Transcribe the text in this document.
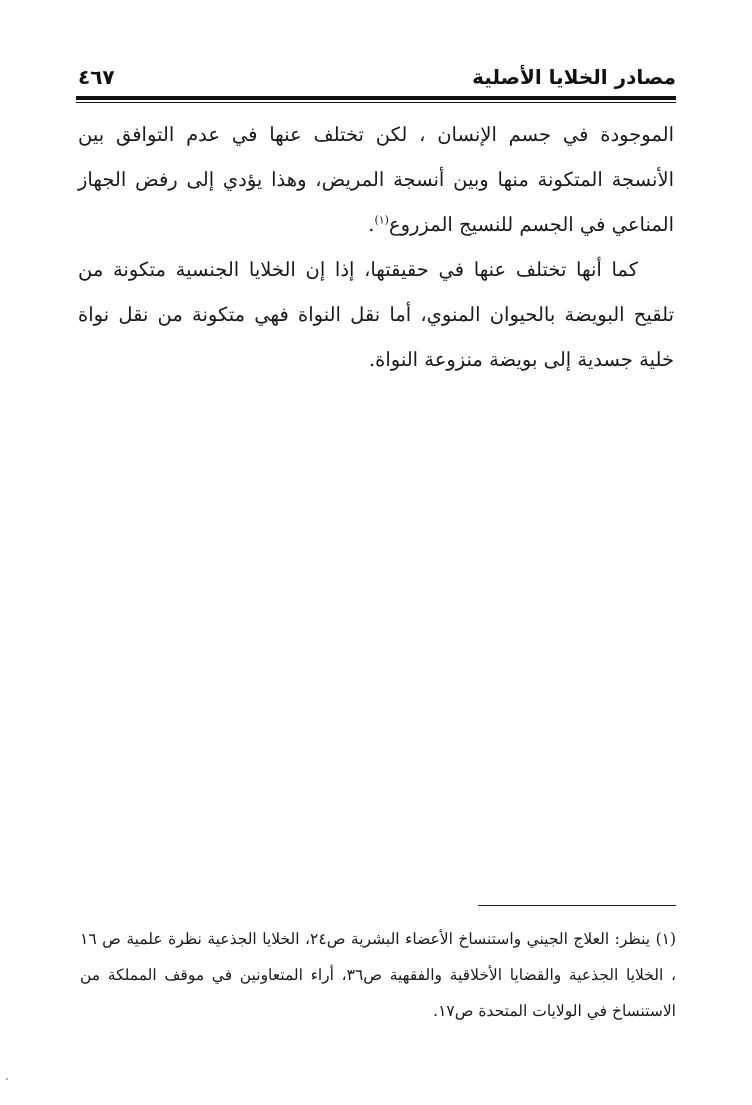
مصادر الخلايا الأصلية
٤٦٧

الموجودة في جسم الإنسان ، لكن تختلف عنها في عدم التوافق بين الأنسجة المتكونة منها وبين أنسجة المريض، وهذا يؤدي إلى رفض الجهاز المناعي في الجسم للنسيج المزروع$^{(١)}$.

كما أنها تختلف عنها في حقيقتها، إذا إن الخلايا الجنسية متكونة من تلقيح البويضة بالحيوان المنوي، أما نقل النواة فهي متكونة من نقل نواة خلية جسدية إلى بويضة منزوعة النواة.

(١) ينظر: العلاج الجيني واستنساخ الأعضاء البشرية ص٢٤، الخلايا الجذعية نظرة علمية ص ١٦ ، الخلايا الجذعية والقضايا الأخلاقية والفقهية ص٣٦، أراء المتعاونين في موقف المملكة من الاستنساخ في الولايات المتحدة ص١٧.
